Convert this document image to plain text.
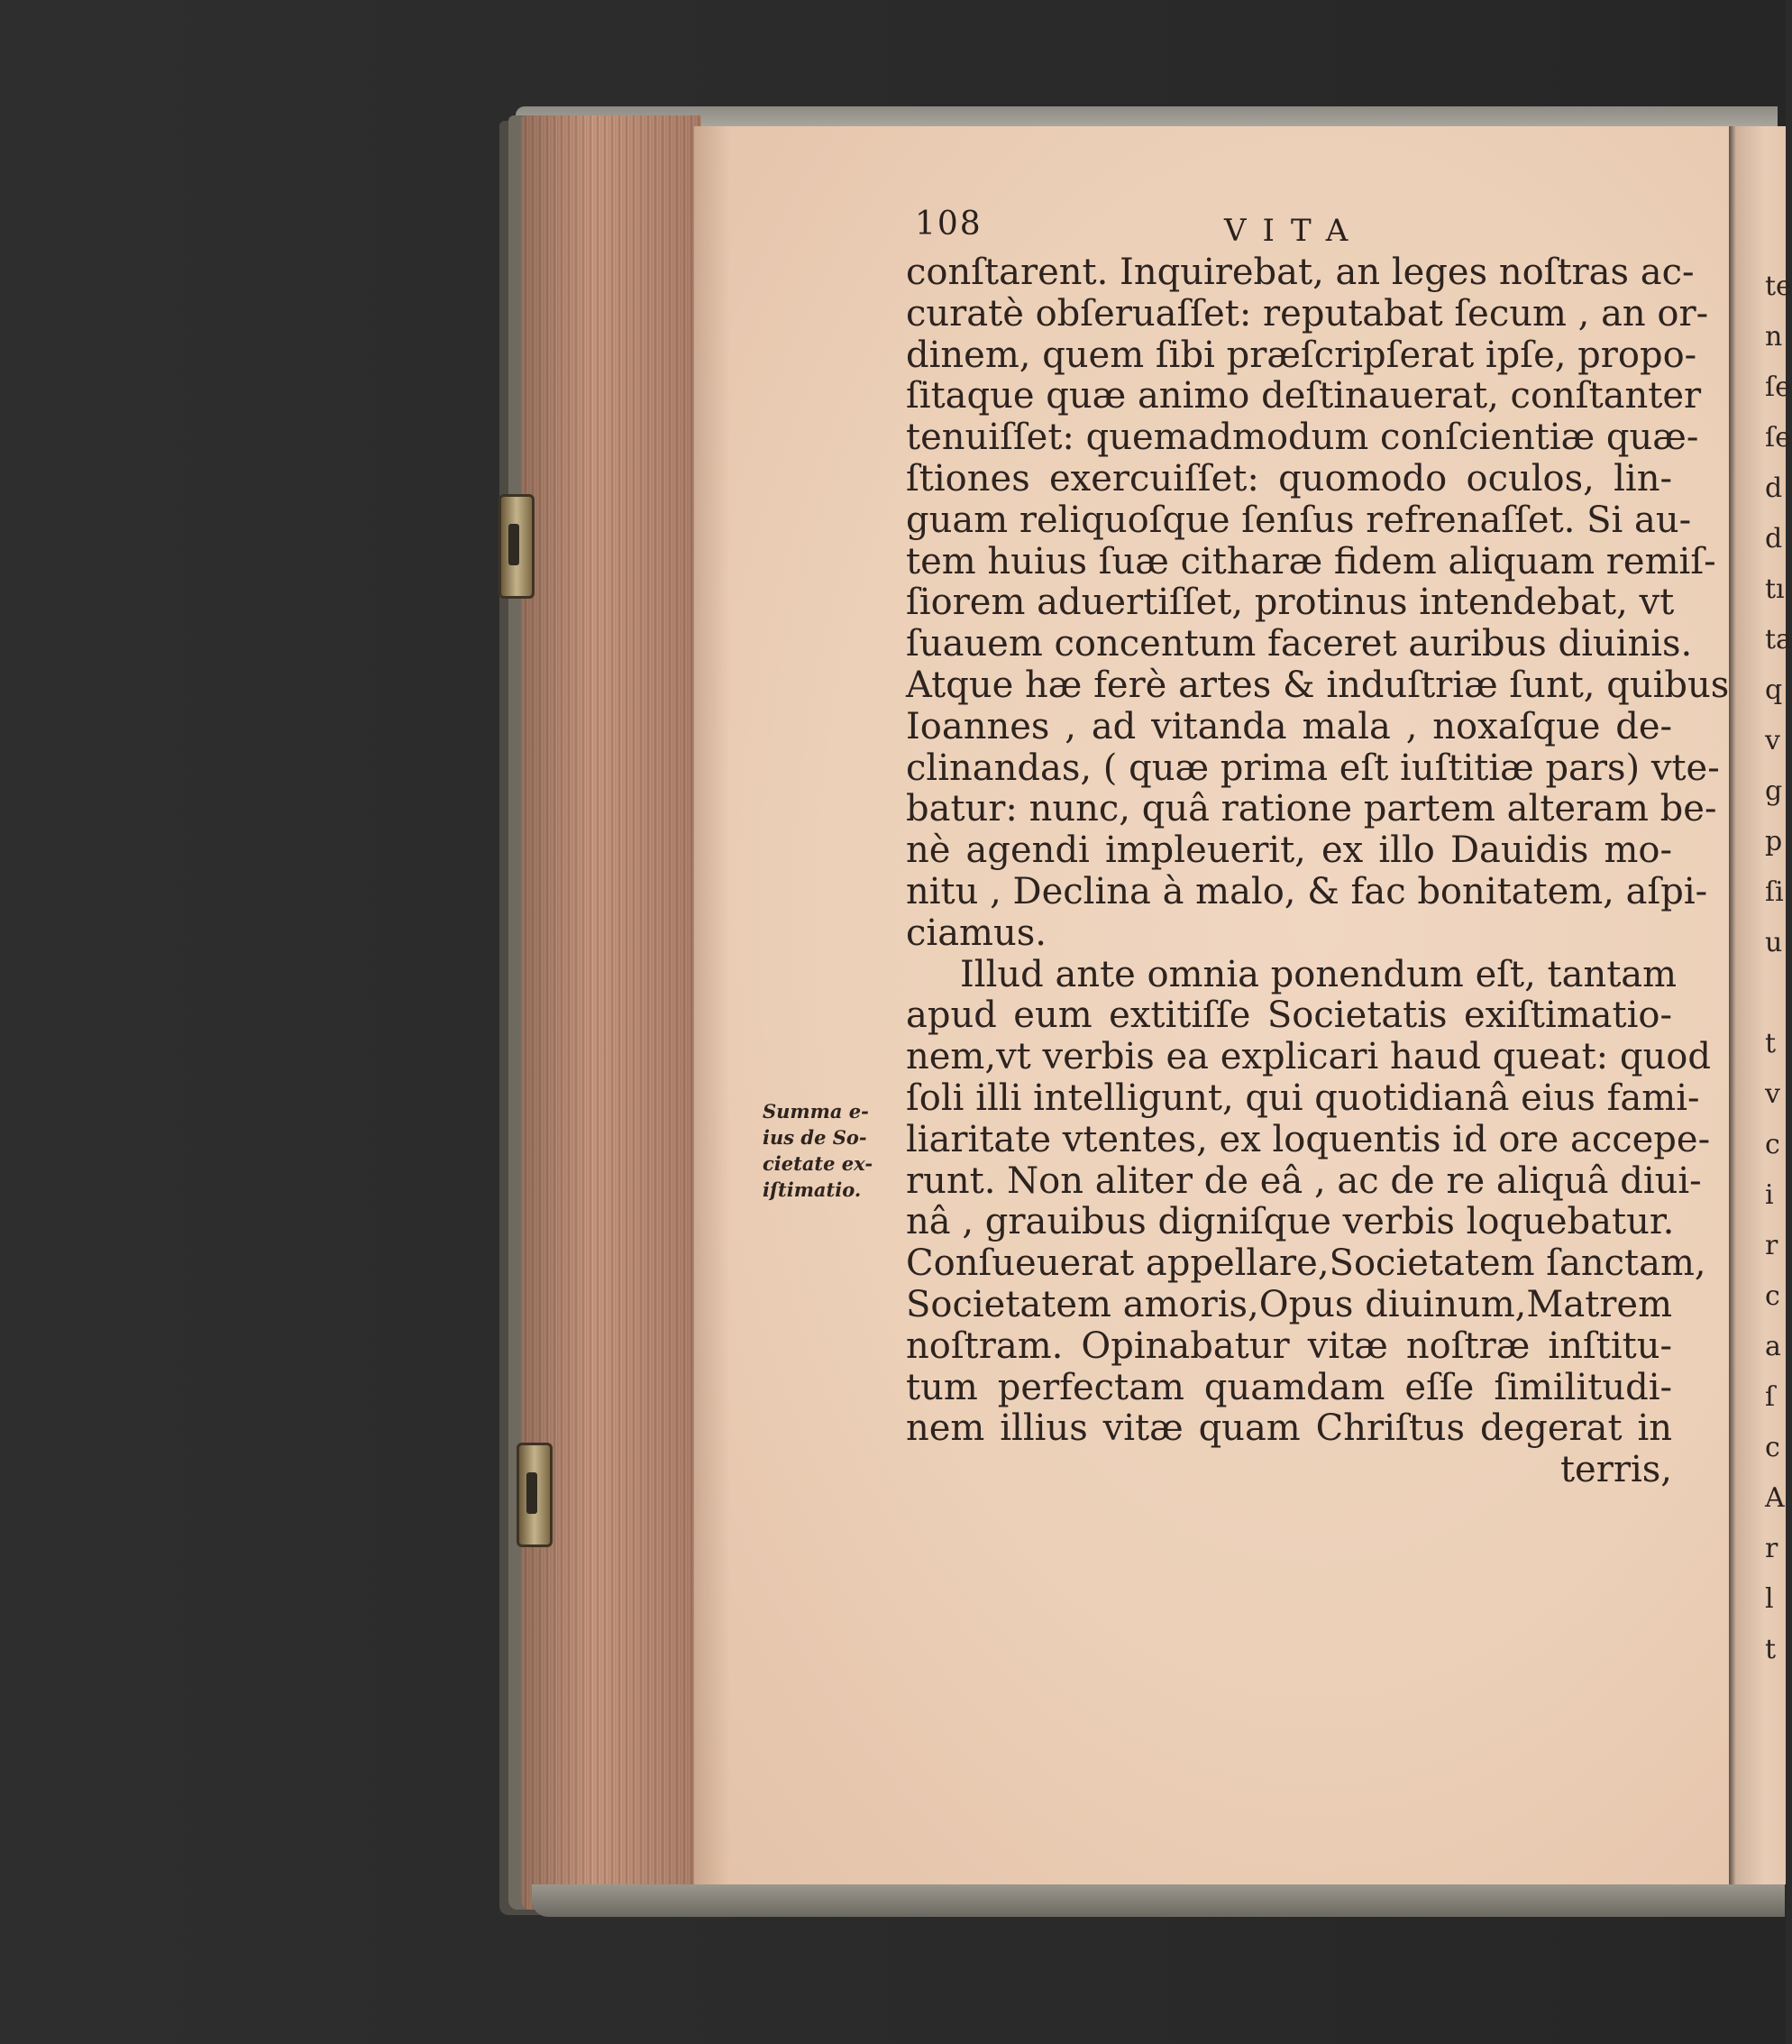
108	VITA
Summa e-
ius de So-
cietate ex-
iſtimatio.
conſtarent. Inquirebat, an leges noſtras ac-
curatè obſeruaſſet: reputabat ſecum , an or-
dinem, quem ſibi præſcripſerat ipſe, propo-
ſitaque quæ animo deſtinauerat, conſtanter
tenuiſſet: quemadmodum conſcientiæ quæ-
ſtiones exercuiſſet: quomodo oculos, lin-
guam reliquoſque ſenſus refrenaſſet. Si au-
tem huius ſuæ citharæ fidem aliquam remiſ-
ſiorem aduertiſſet, protinus intendebat, vt
ſuauem concentum faceret auribus diuinis.
Atque hæ ferè artes & induſtriæ ſunt, quibus
Ioannes , ad vitanda mala , noxaſque de-
clinandas, ( quæ prima eſt iuſtitiæ pars) vte-
batur: nunc, quâ ratione partem alteram be-
nè agendi impleuerit, ex illo Dauidis mo-
nitu , Declina à malo, & fac bonitatem, aſpi-
ciamus.
Illud ante omnia ponendum eſt, tantam
apud eum extitiſſe Societatis exiſtimatio-
nem,vt verbis ea explicari haud queat: quod
ſoli illi intelligunt, qui quotidianâ eius fami-
liaritate vtentes, ex loquentis id ore accepe-
runt. Non aliter de eâ , ac de re aliquâ diui-
nâ , grauibus digniſque verbis loquebatur.
Conſueuerat appellare,Societatem ſanctam,
Societatem amoris,Opus diuinum,Matrem
noſtram. Opinabatur vitæ noſtræ inſtitu-
tum perfectam quamdam eſſe ſimilitudi-
nem illius vitæ quam Chriſtus degerat in
terris,
te
n
ſe
ſe
d
d
tı
ta
q
v
g
p
ſi
u
t
v
c
i
r
c
a
ſ
c
A
r
l
t
